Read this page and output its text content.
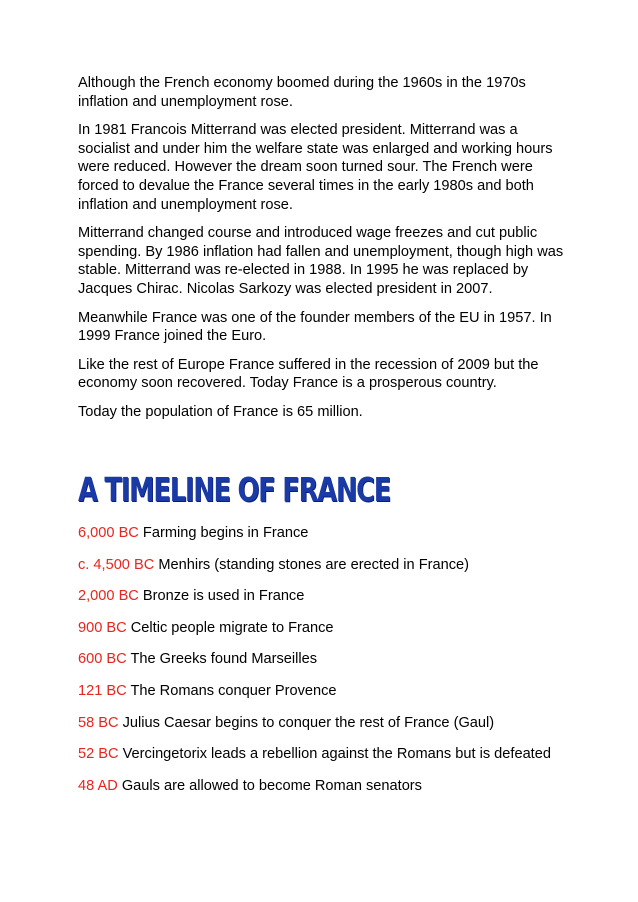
Although the French economy boomed during the 1960s in the 1970s
inflation and unemployment rose.

In 1981 Francois Mitterrand was elected president. Mitterrand was a
socialist and under him the welfare state was enlarged and working hours
were reduced. However the dream soon turned sour. The French were
forced to devalue the France several times in the early 1980s and both
inflation and unemployment rose.

Mitterrand changed course and introduced wage freezes and cut public
spending. By 1986 inflation had fallen and unemployment, though high was
stable. Mitterrand was re-elected in 1988. In 1995 he was replaced by
Jacques Chirac. Nicolas Sarkozy was elected president in 2007.

Meanwhile France was one of the founder members of the EU in 1957. In
1999 France joined the Euro.

Like the rest of Europe France suffered in the recession of 2009 but the
economy soon recovered. Today France is a prosperous country.

Today the population of France is 65 million.

A TIMELINE OF FRANCE
6,000 BC Farming begins in France
c. 4,500 BC Menhirs (standing stones are erected in France)
2,000 BC Bronze is used in France
900 BC Celtic people migrate to France
600 BC The Greeks found Marseilles
121 BC The Romans conquer Provence
58 BC Julius Caesar begins to conquer the rest of France (Gaul)
52 BC Vercingetorix leads a rebellion against the Romans but is defeated
48 AD Gauls are allowed to become Roman senators
